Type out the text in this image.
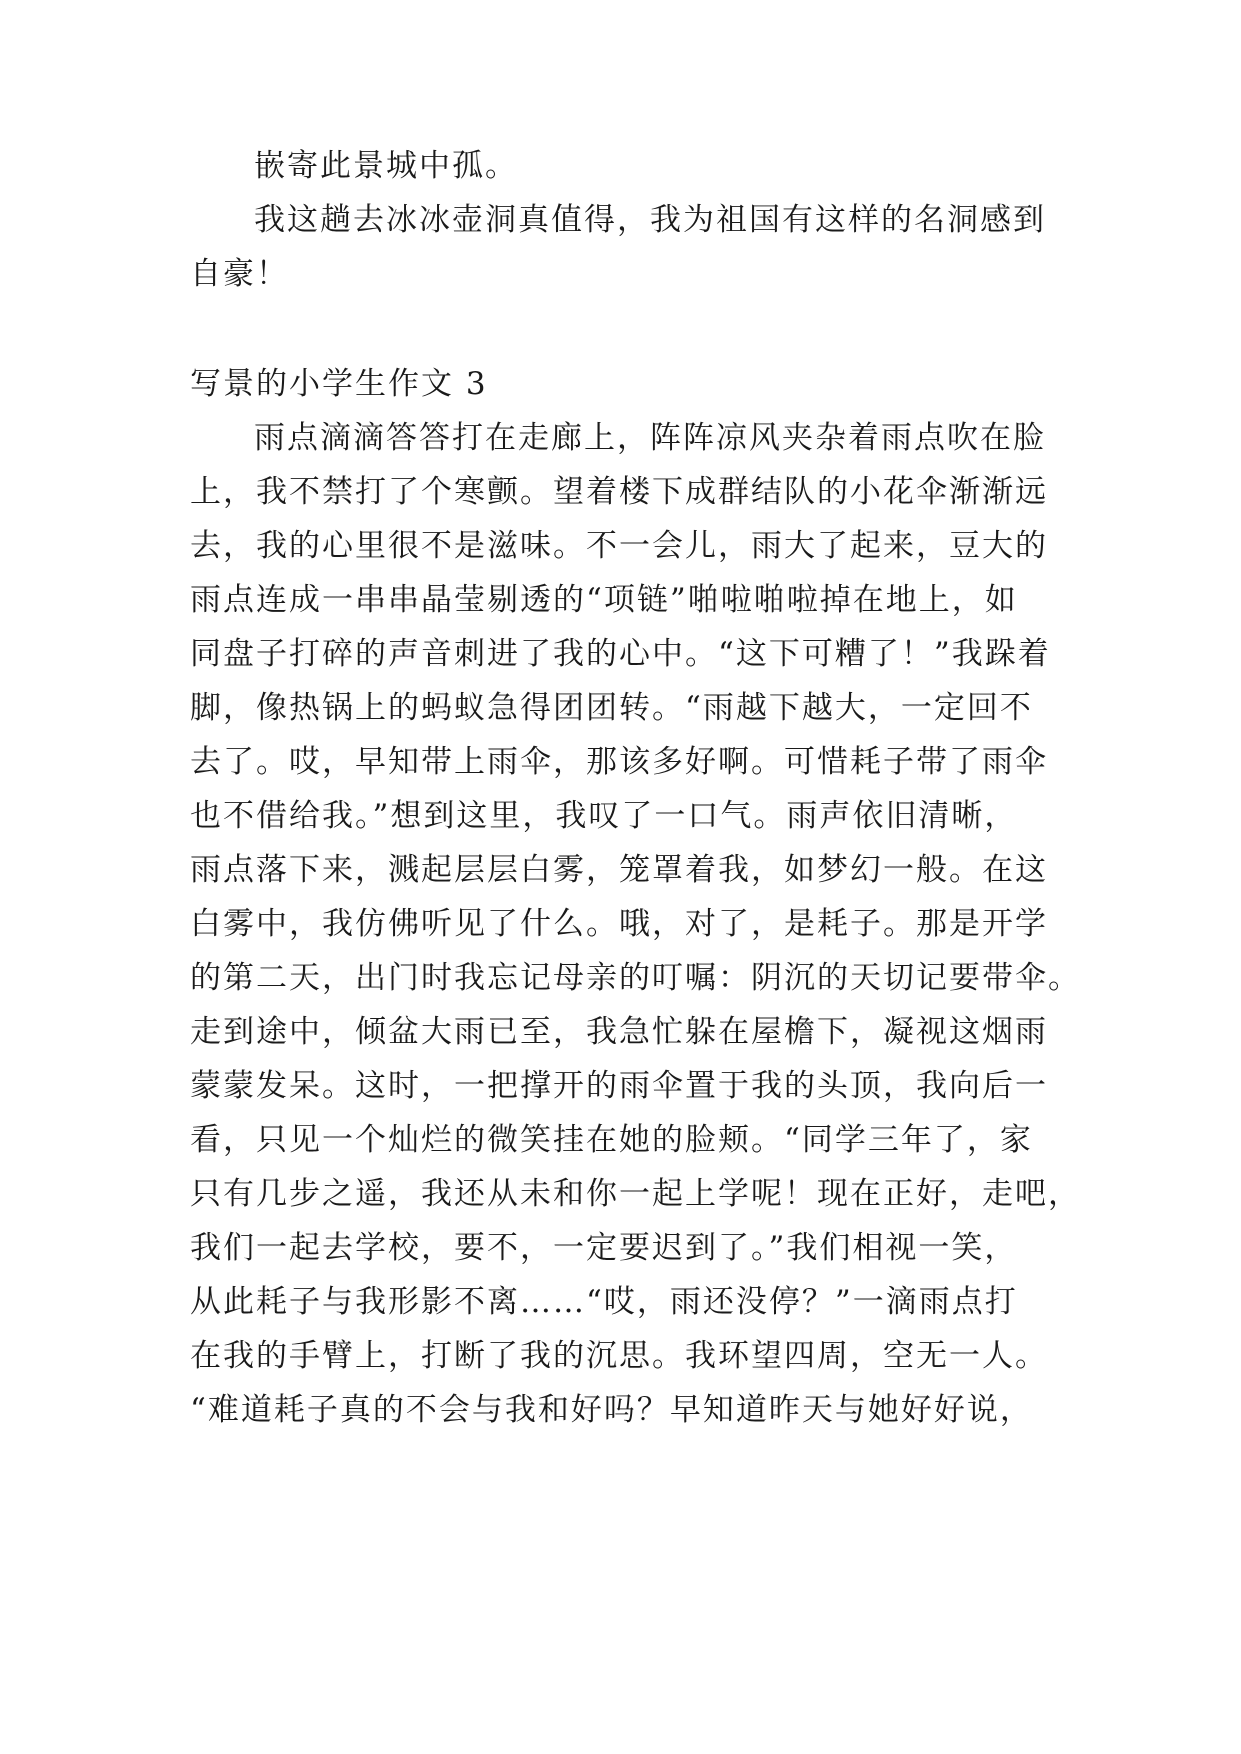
嵌寄此景城中孤。
我这趟去冰冰壶洞真值得，我为祖国有这样的名洞感到
自豪！
写景的小学生作文 3
雨点滴滴答答打在走廊上，阵阵凉风夹杂着雨点吹在脸
上，我不禁打了个寒颤。望着楼下成群结队的小花伞渐渐远
去，我的心里很不是滋味。不一会儿，雨大了起来，豆大的
雨点连成一串串晶莹剔透的“项链”啪啦啪啦掉在地上，如
同盘子打碎的声音刺进了我的心中。“这下可糟了！”我跺着
脚，像热锅上的蚂蚁急得团团转。“雨越下越大，一定回不
去了。哎，早知带上雨伞，那该多好啊。可惜耗子带了雨伞
也不借给我。”想到这里，我叹了一口气。雨声依旧清晰，
雨点落下来，溅起层层白雾，笼罩着我，如梦幻一般。在这
白雾中，我仿佛听见了什么。哦，对了，是耗子。那是开学
的第二天，出门时我忘记母亲的叮嘱：阴沉的天切记要带伞。
走到途中，倾盆大雨已至，我急忙躲在屋檐下，凝视这烟雨
蒙蒙发呆。这时，一把撑开的雨伞置于我的头顶，我向后一
看，只见一个灿烂的微笑挂在她的脸颊。“同学三年了，家
只有几步之遥，我还从未和你一起上学呢！现在正好，走吧，
我们一起去学校，要不，一定要迟到了。”我们相视一笑，
从此耗子与我形影不离……“哎，雨还没停？”一滴雨点打
在我的手臂上，打断了我的沉思。我环望四周，空无一人。
“难道耗子真的不会与我和好吗？早知道昨天与她好好说，
